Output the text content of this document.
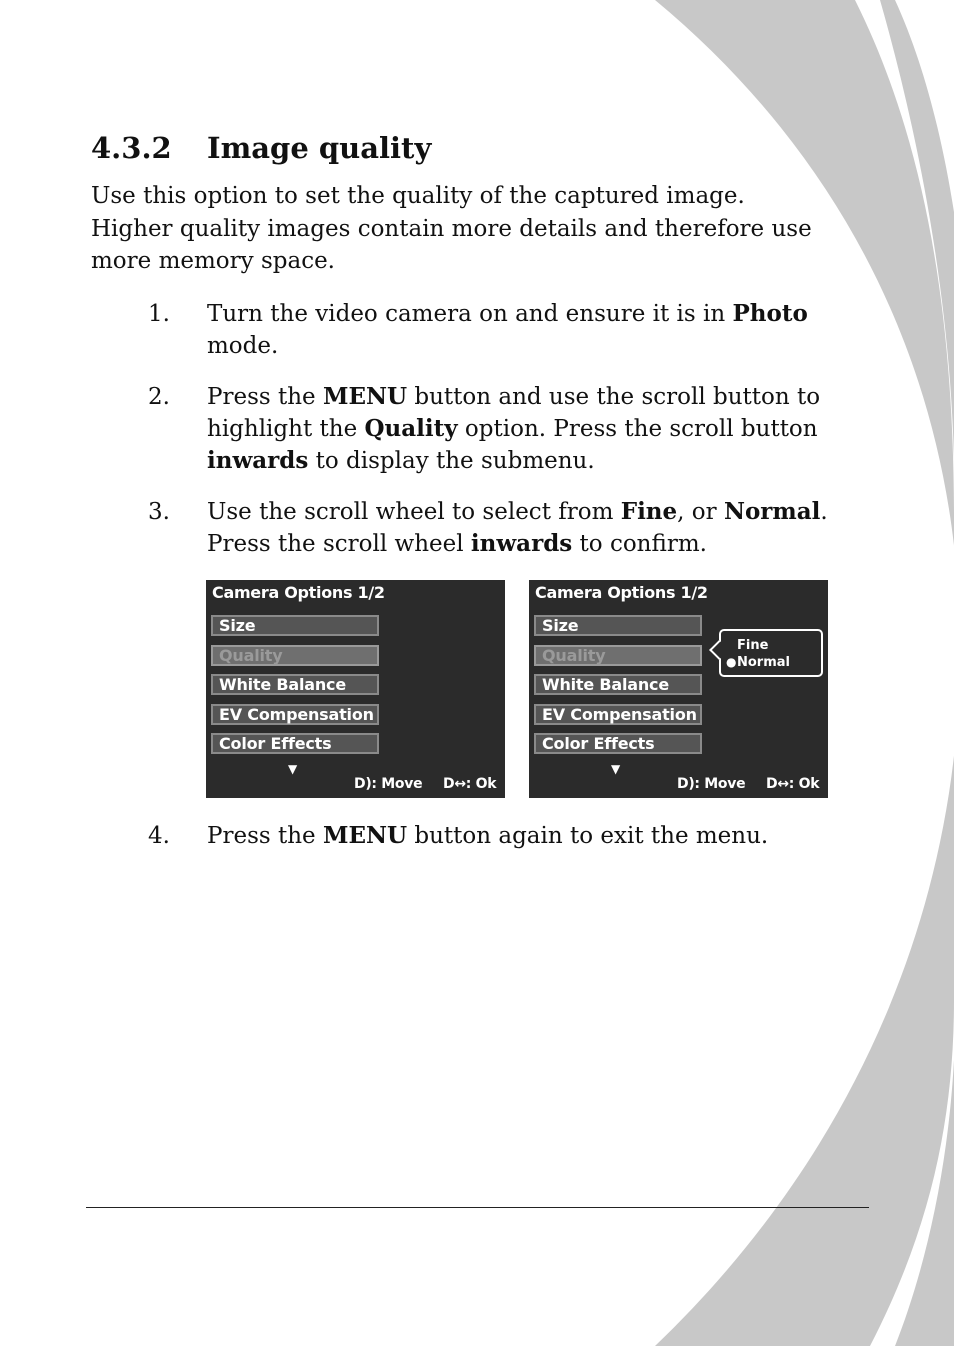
4.3.2	Image quality

Use this option to set the quality of the captured image. Higher quality images contain more details and therefore use more memory space.

1.	Turn the video camera on and ensure it is in Photo mode.
2.	Press the MENU button and use the scroll button to highlight the Quality option. Press the scroll button inwards to display the submenu.
3.	Use the scroll wheel to select from Fine, or Normal. Press the scroll wheel inwards to confirm.
Camera Options 1/2
Size
Quality
White Balance
EV Compensation
Color Effects
▼
D): Move D↔: Ok
Camera Options 1/2
Size
Quality
White Balance
EV Compensation
Color Effects
Fine
● Normal
▼
D): Move D↔: Ok
4.	Press the MENU button again to exit the menu.
